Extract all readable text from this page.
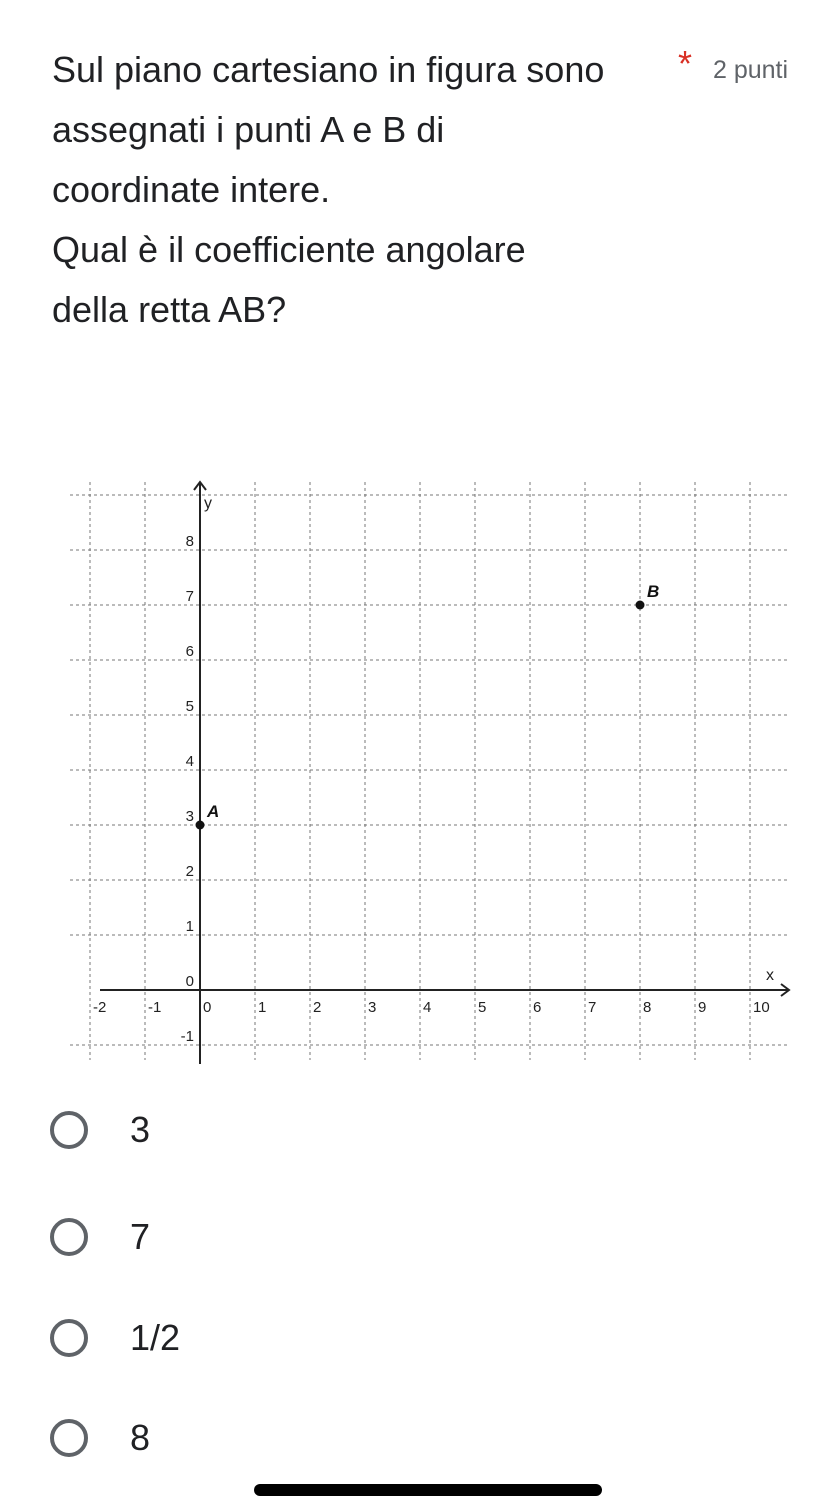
Sul piano cartesiano in figura sono
assegnati i punti A e B di
coordinate intere.
Qual è il coefficiente angolare
della retta AB?
* 2 punti
-2	-1	0	1	2	3	4	5	6	7	8	9	10
8
7
6
5
4
3
2
1
0
-1
x
y
A
B
3
7
1/2
8
